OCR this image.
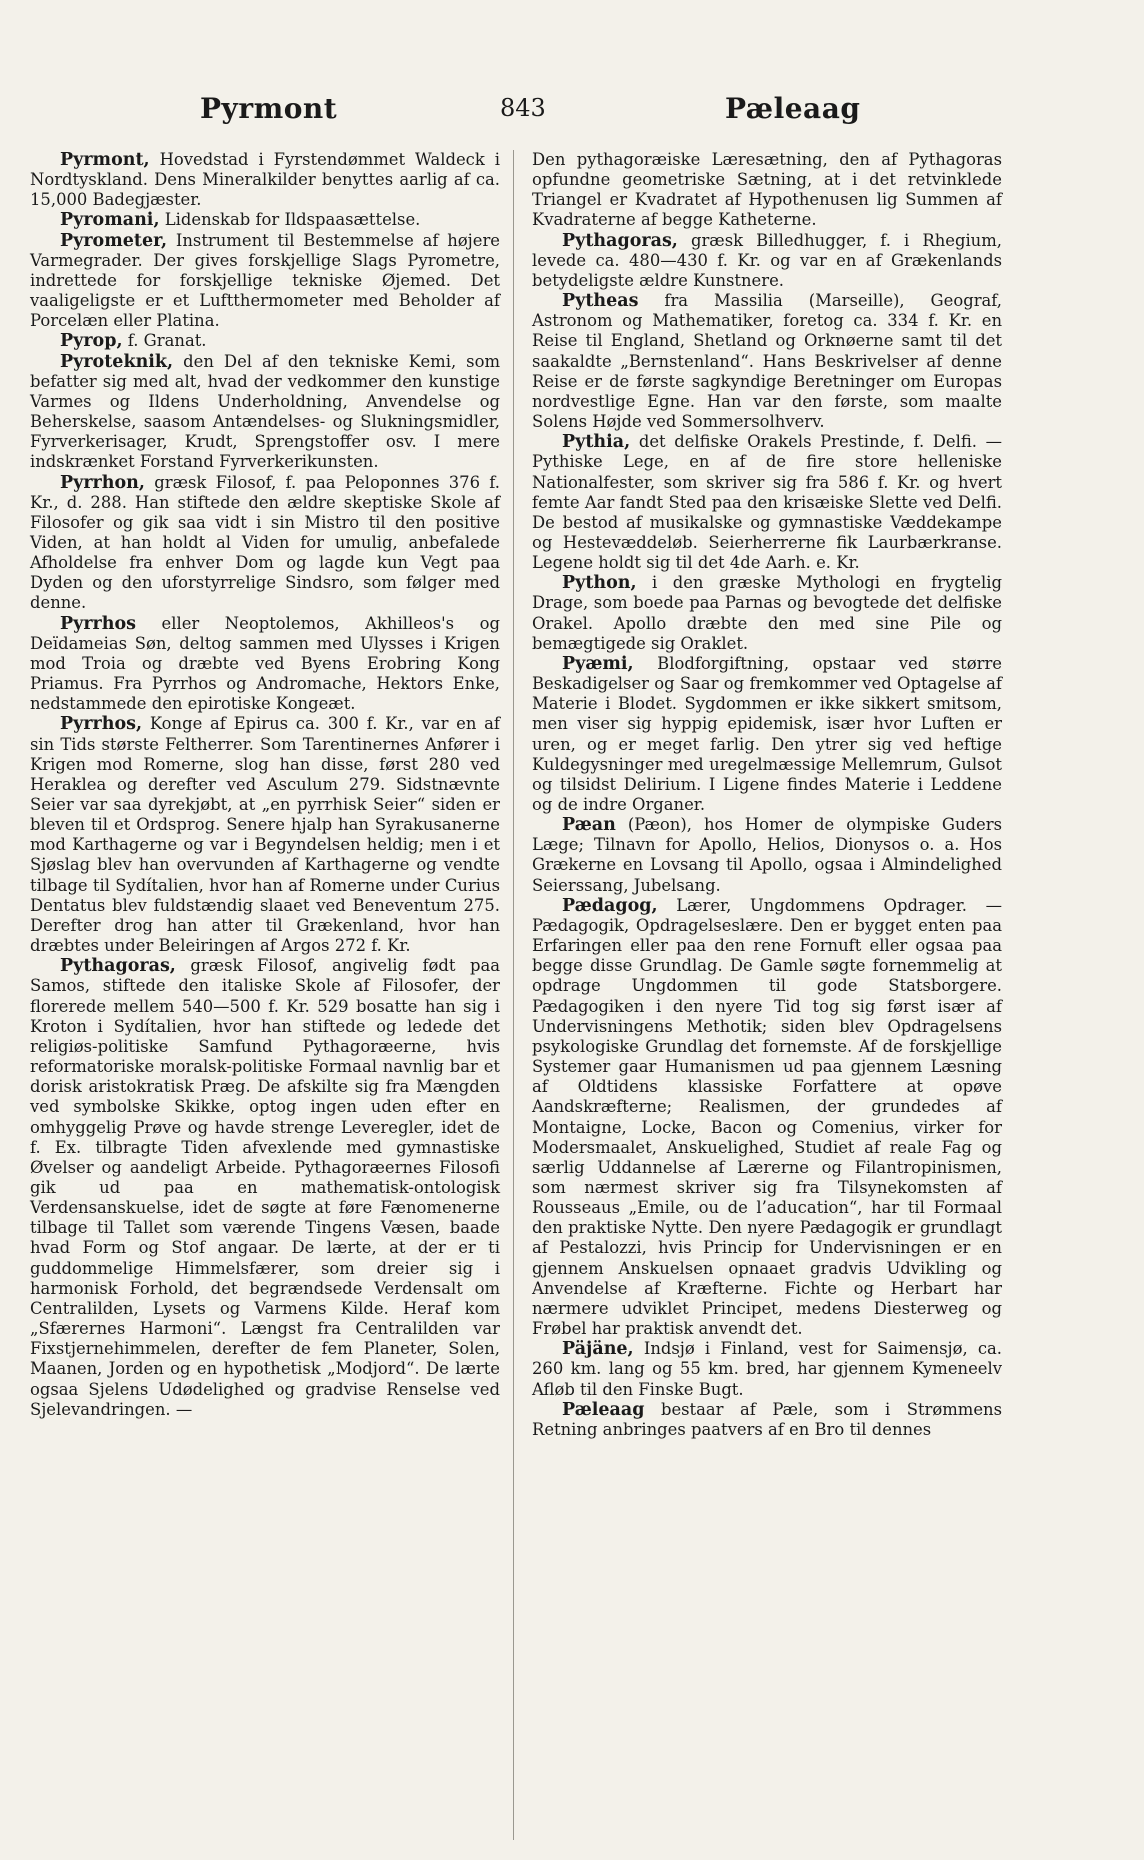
Pyrmont	843	Pæleaag

Pyrmont, Hovedstad i Fyrstendømmet Waldeck i Nordtyskland. Dens Mineralkilder benyttes aarlig af ca. 15,000 Badegjæster.

Pyromani, Lidenskab for Ildspaasættelse.

Pyrometer, Instrument til Bestemmelse af højere Varmegrader. Der gives forskjellige Slags Pyrometre, indrettede for forskjellige tekniske Øjemed. Det vaaligeligste er et Luftthermometer med Beholder af Porcelæn eller Platina.

Pyrop, f. Granat.

Pyroteknik, den Del af den tekniske Kemi, som befatter sig med alt, hvad der vedkommer den kunstige Varmes og Ildens Underholdning, Anvendelse og Beherskelse, saasom Antændelses- og Slukningsmidler, Fyrverkerisager, Krudt, Sprengstoffer osv. I mere indskrænket Forstand Fyrverkerikunsten.

Pyrrhon, græsk Filosof, f. paa Peloponnes 376 f. Kr., d. 288. Han stiftede den ældre skeptiske Skole af Filosofer og gik saa vidt i sin Mistro til den positive Viden, at han holdt al Viden for umulig, anbefalede Afholdelse fra enhver Dom og lagde kun Vegt paa Dyden og den uforstyrrelige Sindsro, som følger med denne.

Pyrrhos eller Neoptolemos, Akhilleos's og Deïdameias Søn, deltog sammen med Ulysses i Krigen mod Troia og dræbte ved Byens Erobring Kong Priamus. Fra Pyrrhos og Andromache, Hektors Enke, nedstammede den epirotiske Kongeæt.

Pyrrhos, Konge af Epirus ca. 300 f. Kr., var en af sin Tids største Feltherrer. Som Tarentinernes Anfører i Krigen mod Romerne, slog han disse, først 280 ved Heraklea og derefter ved Asculum 279. Sidstnævnte Seier var saa dyrekjøbt, at „en pyrrhisk Seier“ siden er bleven til et Ordsprog. Senere hjalp han Syrakusanerne mod Karthagerne og var i Begyndelsen heldig; men i et Sjøslag blev han overvunden af Karthagerne og vendte tilbage til Sydítalien, hvor han af Romerne under Curius Dentatus blev fuldstændig slaaet ved Beneventum 275. Derefter drog han atter til Grækenland, hvor han dræbtes under Beleiringen af Argos 272 f. Kr.

Pythagoras, græsk Filosof, angivelig født paa Samos, stiftede den italiske Skole af Filosofer, der floreredе mellem 540—500 f. Kr. 529 bosatte han sig i Kroton i Sydítalien, hvor han stiftede og ledede det religiøs-politiske Samfund Pythagoræerne, hvis reformatoriske moralsk-politiske Formaal navnlig bar et dorisk aristokratisk Præg. De afskilte sig fra Mængden ved symbolske Skikke, optog ingen uden efter en omhyggelig Prøve og havde strenge Leveregler, idet de f. Ex. tilbragte Tiden afvexlende med gymnastiske Øvelser og aandeligt Arbeide. Pythagoræernes Filosofi gik ud paa en mathematisk-ontologisk Verdensanskuelse, idet de søgte at føre Fænomenerne tilbage til Tallet som værende Tingens Væsen, baade hvad Form og Stof angaar. De lærte, at der er ti guddommelige Himmelsfærer, som dreier sig i harmonisk Forhold, det begrændsede Verdensalt om Centralilden, Lysets og Varmens Kilde. Heraf kom „Sfærernes Harmoni“. Længst fra Centralilden var Fixstjernehimmelen, derefter de fem Planeter, Solen, Maanen, Jorden og en hypothetisk „Modjord“. De lærte ogsaa Sjelens Udødelighed og gradvise Renselse ved Sjelevandringen. —

Den pythagoræiske Læresætning, den af Pythagoras opfundne geometriske Sætning, at i det retvinklede Triangel er Kvadratet af Hypothenusen lig Summen af Kvadraterne af begge Katheterne.

Pythagoras, græsk Billedhugger, f. i Rhegium, levede ca. 480—430 f. Kr. og var en af Grækenlands betydeligste ældre Kunstnere.

Pytheas fra Massilia (Marseille), Geograf, Astronom og Mathematiker, foretog ca. 334 f. Kr. en Reise til England, Shetland og Orknøerne samt til det saakaldte „Bernstenland“. Hans Beskrivelser af denne Reise er de første sagkyndige Beretninger om Europas nordvestlige Egne. Han var den første, som maalte Solens Højde ved Sommersolhverv.

Pythia, det delfiske Orakels Prestinde, f. Delfi. — Pythiske Lege, en af de fire store helleniske Nationalfester, som skriver sig fra 586 f. Kr. og hvert femte Aar fandt Sted paa den krisæiske Slette ved Delfi. De bestod af musikalske og gymnastiske Væddekampe og Hestevæddeløb. Seierherrerne fik Laurbærkranse. Legene holdt sig til det 4de Aarh. e. Kr.

Python, i den græske Mythologi en frygtelig Drage, som boede paa Parnas og bevogtede det delfiske Orakel. Apollo dræbte den med sine Pile og bemægtigede sig Oraklet.

Pyæmi, Blodforgiftning, opstaar ved større Beskadigelser og Saar og fremkommer ved Optagelse af Materie i Blodet. Sygdommen er ikke sikkert smitsom, men viser sig hyppig epidemisk, især hvor Luften er uren, og er meget farlig. Den ytrer sig ved heftige Kuldegysninger med uregelmæssige Mellemrum, Gulsot og tilsidst Delirium. I Ligene findes Materie i Leddene og de indre Organer.

Pæan (Pæon), hos Homer de olympiske Guders Læge; Tilnavn for Apollo, Helios, Dionysos o. a. Hos Grækerne en Lovsang til Apollo, ogsaa i Almindelighed Seierssang, Jubelsang.

Pædagog, Lærer, Ungdommens Opdrager. — Pædagogik, Opdragelseslære. Den er bygget enten paa Erfaringen eller paa den rene Fornuft eller ogsaa paa begge disse Grundlag. De Gamle søgte fornemmelig at opdrage Ungdommen til gode Statsborgere. Pædagogiken i den nyere Tid tog sig først især af Undervisningens Methotik; siden blev Opdragelsens psykologiske Grundlag det fornemste. Af de forskjellige Systemer gaar Humanismen ud paa gjennem Læsning af Oldtidens klassiske Forfattere at opøve Aandskræfterne; Realismen, der grundedes af Montaigne, Locke, Bacon og Comenius, virker for Modersmaalet, Anskuelighed, Studiet af reale Fag og særlig Uddannelse af Lærerne og Filantropinismen, som nærmest skriver sig fra Tilsynekomsten af Rousseaus „Emile, ou de l’aducation“, har til Formaal den praktiske Nytte. Den nyere Pædagogik er grundlagt af Pestalozzi, hvis Princip for Undervisningen er en gjennem Anskuelsen opnaaet gradvis Udvikling og Anvendelse af Kræfterne. Fichte og Herbart har nærmere udviklet Principet, medens Diesterweg og Frøbel har praktisk anvendt det.

Päjäne, Indsjø i Finland, vest for Saimensjø, ca. 260 km. lang og 55 km. bred, har gjennem Kymeneelv Afløb til den Finske Bugt.

Pæleaag bestaar af Pæle, som i Strømmens Retning anbringes paatvers af en Bro til dennes
